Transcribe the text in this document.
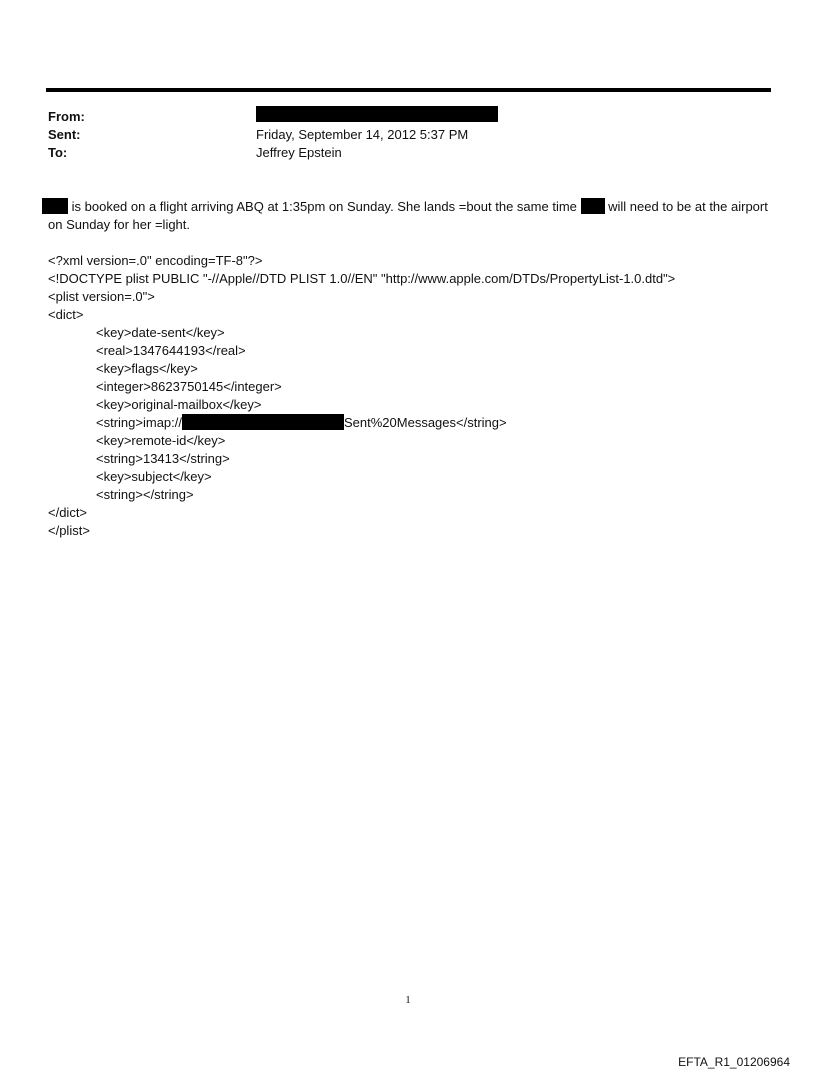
From:
Sent:	Friday, September 14, 2012 5:37 PM
To:	Jeffrey Epstein
is booked on a flight arriving ABQ at 1:35pm on Sunday. She lands =bout the same time will need to be at the airport on Sunday for her =light.
<?xml version=.0" encoding=TF-8"?>
<!DOCTYPE plist PUBLIC "-//Apple//DTD PLIST 1.0//EN" "http://www.apple.com/DTDs/PropertyList-1.0.dtd">
<plist version=.0">
<dict>
<key>date-sent</key>
<real>1347644193</real>
<key>flags</key>
<integer>8623750145</integer>
<key>original-mailbox</key>
<string>imap://	Sent%20Messages</string>
<key>remote-id</key>
<string>13413</string>
<key>subject</key>
<string></string>
</dict>
</plist>
1
EFTA_R1_01206964
